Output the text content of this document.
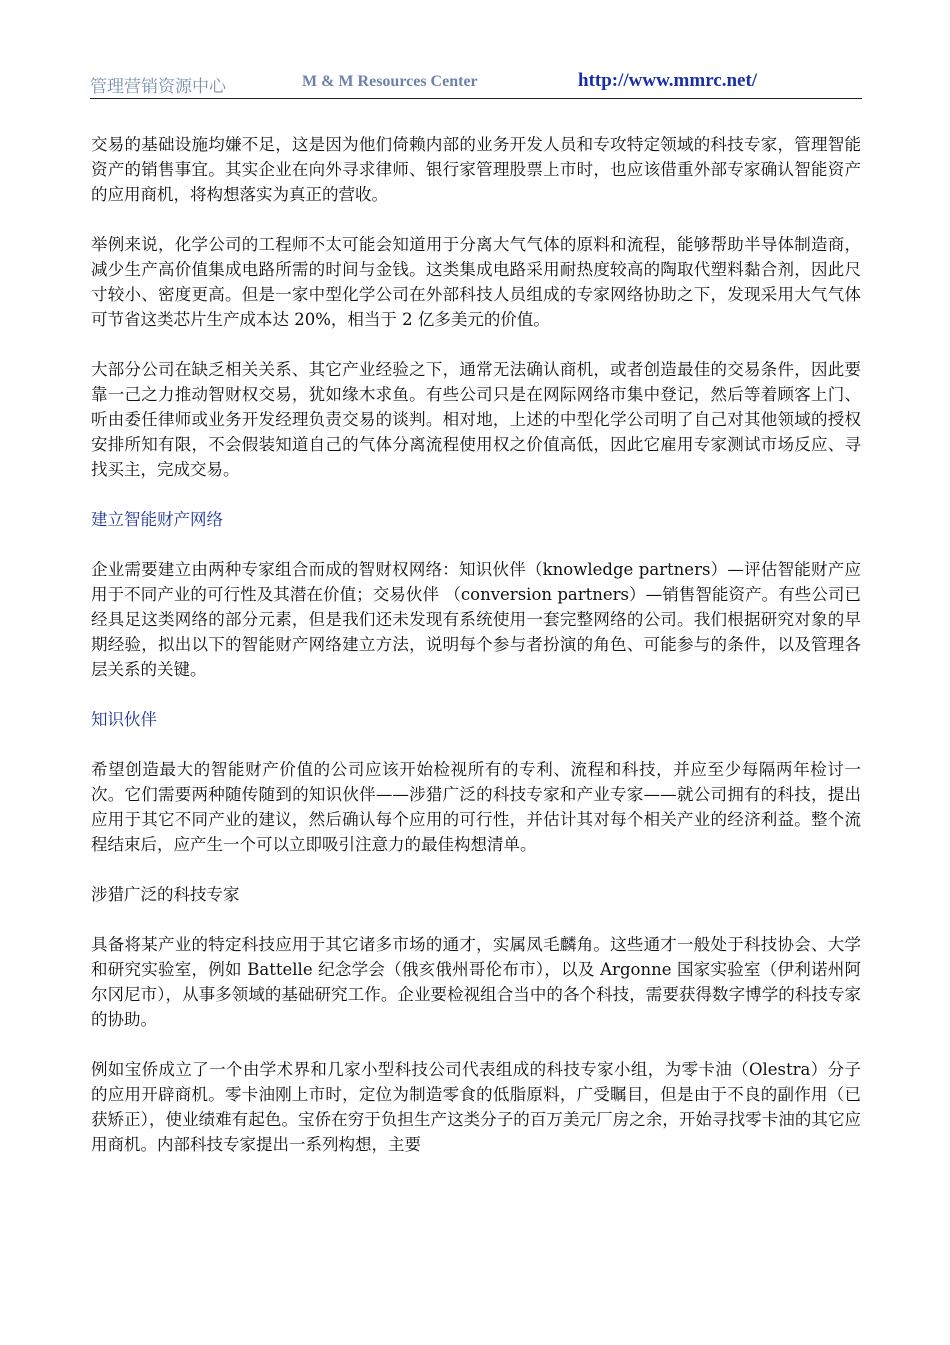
管理营销资源中心	M & M Resources Center	http://www.mmrc.net/

交易的基础设施均嫌不足，这是因为他们倚赖内部的业务开发人员和专攻特定领域的科技专家，管理智能资产的销售事宜。其实企业在向外寻求律师、银行家管理股票上市时，也应该借重外部专家确认智能资产的应用商机，将构想落实为真正的营收。

举例来说，化学公司的工程师不太可能会知道用于分离大气气体的原料和流程，能够帮助半导体制造商，减少生产高价值集成电路所需的时间与金钱。这类集成电路采用耐热度较高的陶取代塑料黏合剂，因此尺寸较小、密度更高。但是一家中型化学公司在外部科技人员组成的专家网络协助之下，发现采用大气气体可节省这类芯片生产成本达 20%，相当于 2 亿多美元的价值。

大部分公司在缺乏相关关系、其它产业经验之下，通常无法确认商机，或者创造最佳的交易条件，因此要靠一己之力推动智财权交易，犹如缘木求鱼。有些公司只是在网际网络市集中登记，然后等着顾客上门、听由委任律师或业务开发经理负责交易的谈判。相对地，上述的中型化学公司明了自己对其他领域的授权安排所知有限，不会假装知道自己的气体分离流程使用权之价值高低，因此它雇用专家测试市场反应、寻找买主，完成交易。

建立智能财产网络

企业需要建立由两种专家组合而成的智财权网络：知识伙伴（knowledge partners）—评估智能财产应用于不同产业的可行性及其潜在价值；交易伙伴 （conversion partners）—销售智能资产。有些公司已经具足这类网络的部分元素，但是我们还未发现有系统使用一套完整网络的公司。我们根据研究对象的早期经验，拟出以下的智能财产网络建立方法，说明每个参与者扮演的角色、可能参与的条件，以及管理各层关系的关键。

知识伙伴

希望创造最大的智能财产价值的公司应该开始检视所有的专利、流程和科技，并应至少每隔两年检讨一次。它们需要两种随传随到的知识伙伴——涉猎广泛的科技专家和产业专家——就公司拥有的科技，提出应用于其它不同产业的建议，然后确认每个应用的可行性，并估计其对每个相关产业的经济利益。整个流程结束后，应产生一个可以立即吸引注意力的最佳构想清单。

涉猎广泛的科技专家

具备将某产业的特定科技应用于其它诸多市场的通才，实属凤毛麟角。这些通才一般处于科技协会、大学和研究实验室，例如 Battelle 纪念学会（俄亥俄州哥伦布市），以及 Argonne 国家实验室（伊利诺州阿尔冈尼市），从事多领域的基础研究工作。企业要检视组合当中的各个科技，需要获得数字博学的科技专家的协助。

例如宝侨成立了一个由学术界和几家小型科技公司代表组成的科技专家小组，为零卡油（Olestra）分子的应用开辟商机。零卡油刚上市时，定位为制造零食的低脂原料，广受瞩目，但是由于不良的副作用（已获矫正），使业绩难有起色。宝侨在穷于负担生产这类分子的百万美元厂房之余，开始寻找零卡油的其它应用商机。内部科技专家提出一系列构想，主要
